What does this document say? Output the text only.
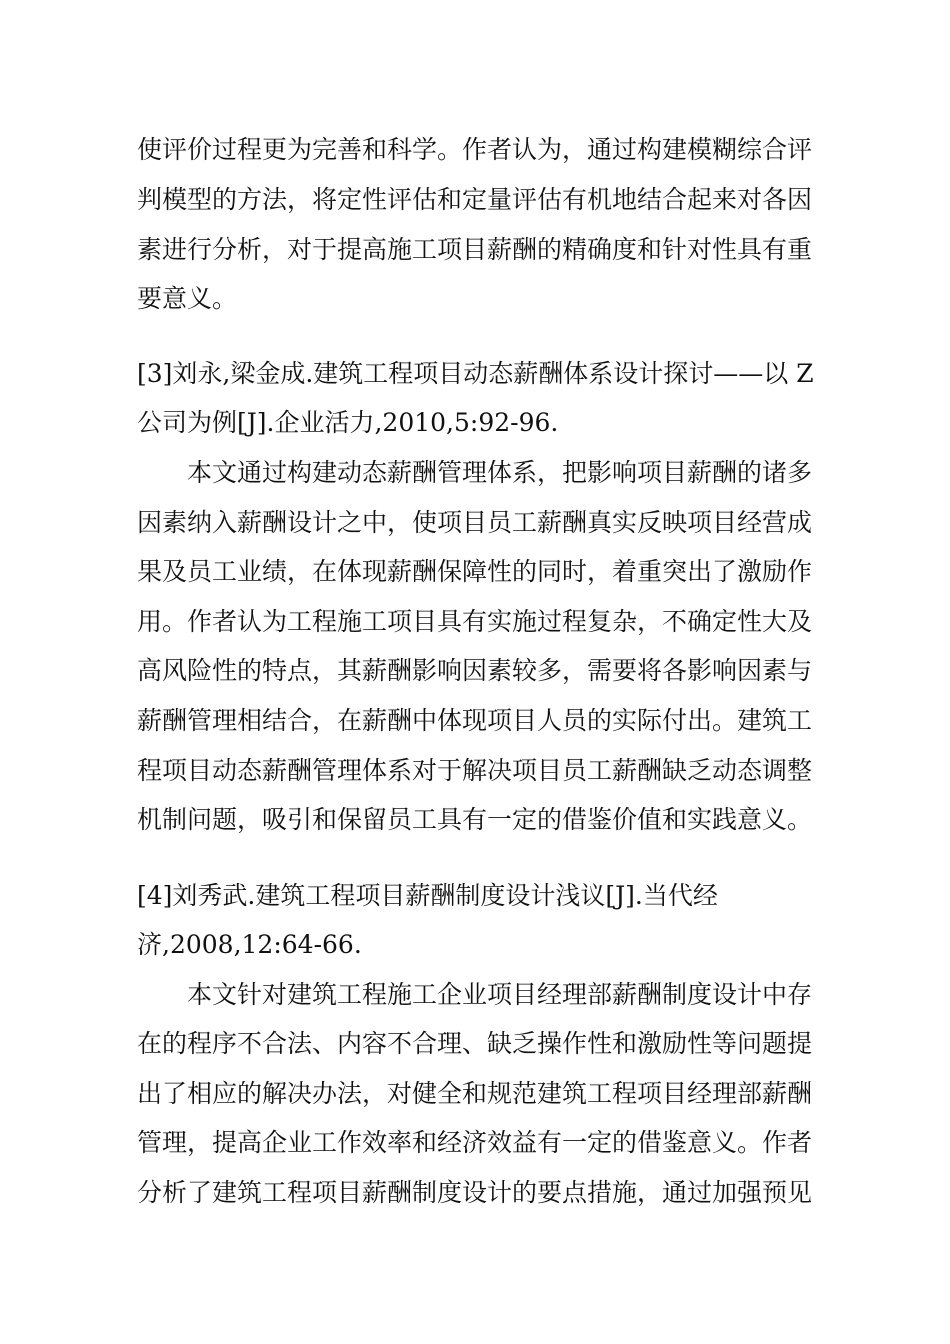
使评价过程更为完善和科学。作者认为，通过构建模糊综合评
判模型的方法，将定性评估和定量评估有机地结合起来对各因
素进行分析，对于提高施工项目薪酬的精确度和针对性具有重
要意义。
[3]刘永,梁金成.建筑工程项目动态薪酬体系设计探讨——以 Z
公司为例[J].企业活力,2010,5:92-96.
本文通过构建动态薪酬管理体系，把影响项目薪酬的诸多
因素纳入薪酬设计之中，使项目员工薪酬真实反映项目经营成
果及员工业绩，在体现薪酬保障性的同时，着重突出了激励作
用。作者认为工程施工项目具有实施过程复杂，不确定性大及
高风险性的特点，其薪酬影响因素较多，需要将各影响因素与
薪酬管理相结合，在薪酬中体现项目人员的实际付出。建筑工
程项目动态薪酬管理体系对于解决项目员工薪酬缺乏动态调整
机制问题，吸引和保留员工具有一定的借鉴价值和实践意义。
[4]刘秀武.建筑工程项目薪酬制度设计浅议[J].当代经
济,2008,12:64-66.
本文针对建筑工程施工企业项目经理部薪酬制度设计中存
在的程序不合法、内容不合理、缺乏操作性和激励性等问题提
出了相应的解决办法，对健全和规范建筑工程项目经理部薪酬
管理，提高企业工作效率和经济效益有一定的借鉴意义。作者
分析了建筑工程项目薪酬制度设计的要点措施，通过加强预见
